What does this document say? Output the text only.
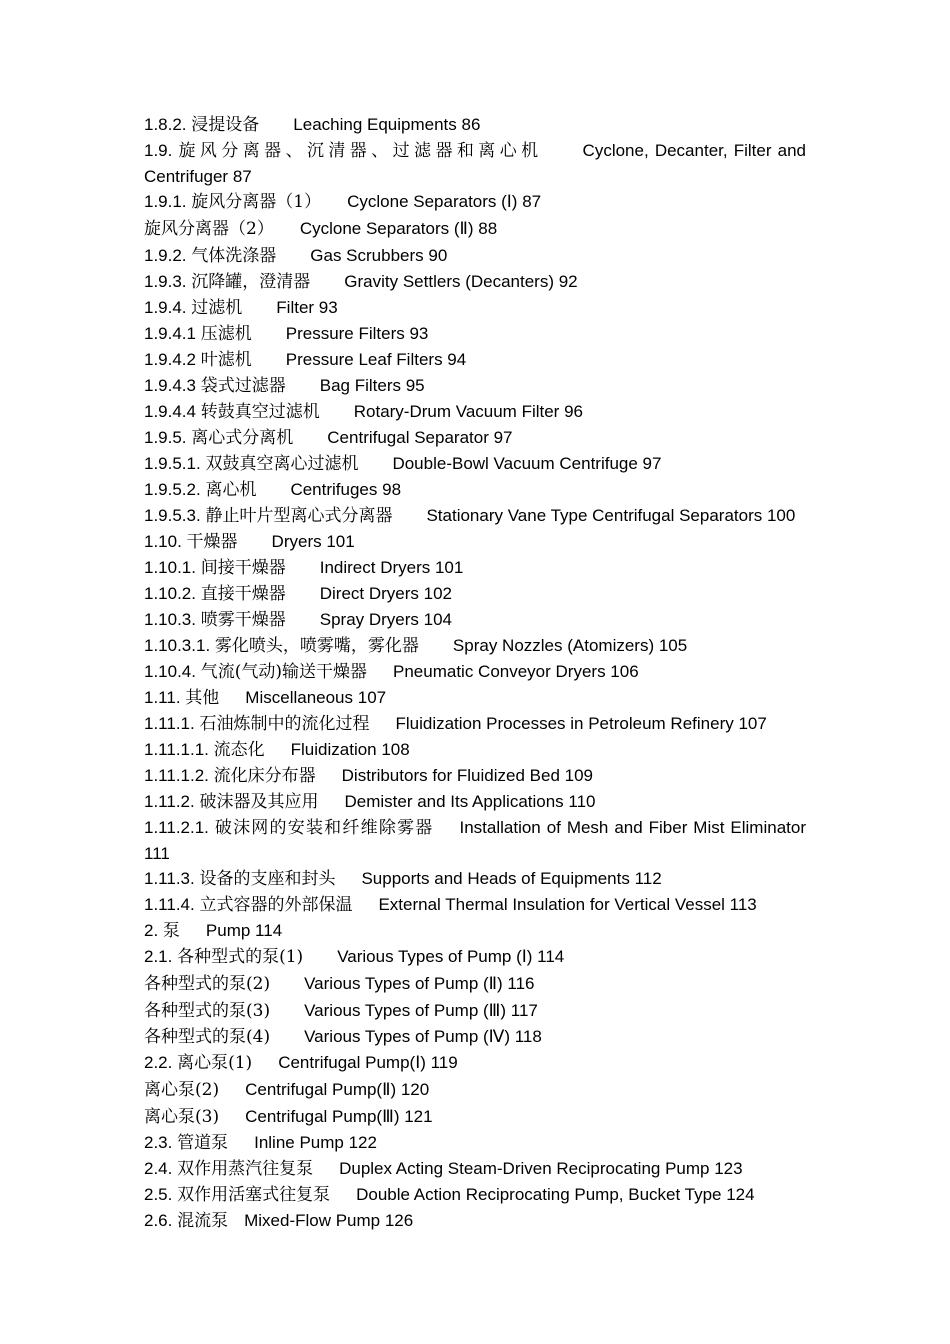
1.8.2. 浸提设备 Leaching Equipments 86
1.9. 旋风分离器、沉清器、过滤器和离心机 Cyclone, Decanter, Filter and Centrifuger 87
1.9.1. 旋风分离器（1） Cyclone Separators (Ⅰ) 87
旋风分离器（2） Cyclone Separators (Ⅱ) 88
1.9.2. 气体洗涤器 Gas Scrubbers 90
1.9.3. 沉降罐，澄清器 Gravity Settlers (Decanters) 92
1.9.4. 过滤机 Filter 93
1.9.4.1 压滤机 Pressure Filters 93
1.9.4.2 叶滤机 Pressure Leaf Filters 94
1.9.4.3 袋式过滤器 Bag Filters 95
1.9.4.4 转鼓真空过滤机 Rotary-Drum Vacuum Filter 96
1.9.5. 离心式分离机 Centrifugal Separator 97
1.9.5.1. 双鼓真空离心过滤机 Double-Bowl Vacuum Centrifuge 97
1.9.5.2. 离心机 Centrifuges 98
1.9.5.3. 静止叶片型离心式分离器 Stationary Vane Type Centrifugal Separators 100
1.10. 干燥器 Dryers 101
1.10.1. 间接干燥器 Indirect Dryers 101
1.10.2. 直接干燥器 Direct Dryers 102
1.10.3. 喷雾干燥器 Spray Dryers 104
1.10.3.1. 雾化喷头，喷雾嘴，雾化器 Spray Nozzles (Atomizers) 105
1.10.4. 气流(气动)输送干燥器 Pneumatic Conveyor Dryers 106
1.11. 其他 Miscellaneous 107
1.11.1. 石油炼制中的流化过程 Fluidization Processes in Petroleum Refinery 107
1.11.1.1. 流态化 Fluidization 108
1.11.1.2. 流化床分布器 Distributors for Fluidized Bed 109
1.11.2. 破沫器及其应用 Demister and Its Applications 110
1.11.2.1. 破沫网的安装和纤维除雾器 Installation of Mesh and Fiber Mist Eliminator 111
1.11.3. 设备的支座和封头 Supports and Heads of Equipments 112
1.11.4. 立式容器的外部保温 External Thermal Insulation for Vertical Vessel 113
2. 泵 Pump 114
2.1. 各种型式的泵(1) Various Types of Pump (Ⅰ) 114
各种型式的泵(2) Various Types of Pump (Ⅱ) 116
各种型式的泵(3) Various Types of Pump (Ⅲ) 117
各种型式的泵(4) Various Types of Pump (Ⅳ) 118
2.2. 离心泵(1) Centrifugal Pump(Ⅰ) 119
离心泵(2) Centrifugal Pump(Ⅱ) 120
离心泵(3) Centrifugal Pump(Ⅲ) 121
2.3. 管道泵 Inline Pump 122
2.4. 双作用蒸汽往复泵 Duplex Acting Steam-Driven Reciprocating Pump 123
2.5. 双作用活塞式往复泵 Double Action Reciprocating Pump, Bucket Type 124
2.6. 混流泵 Mixed-Flow Pump 126
